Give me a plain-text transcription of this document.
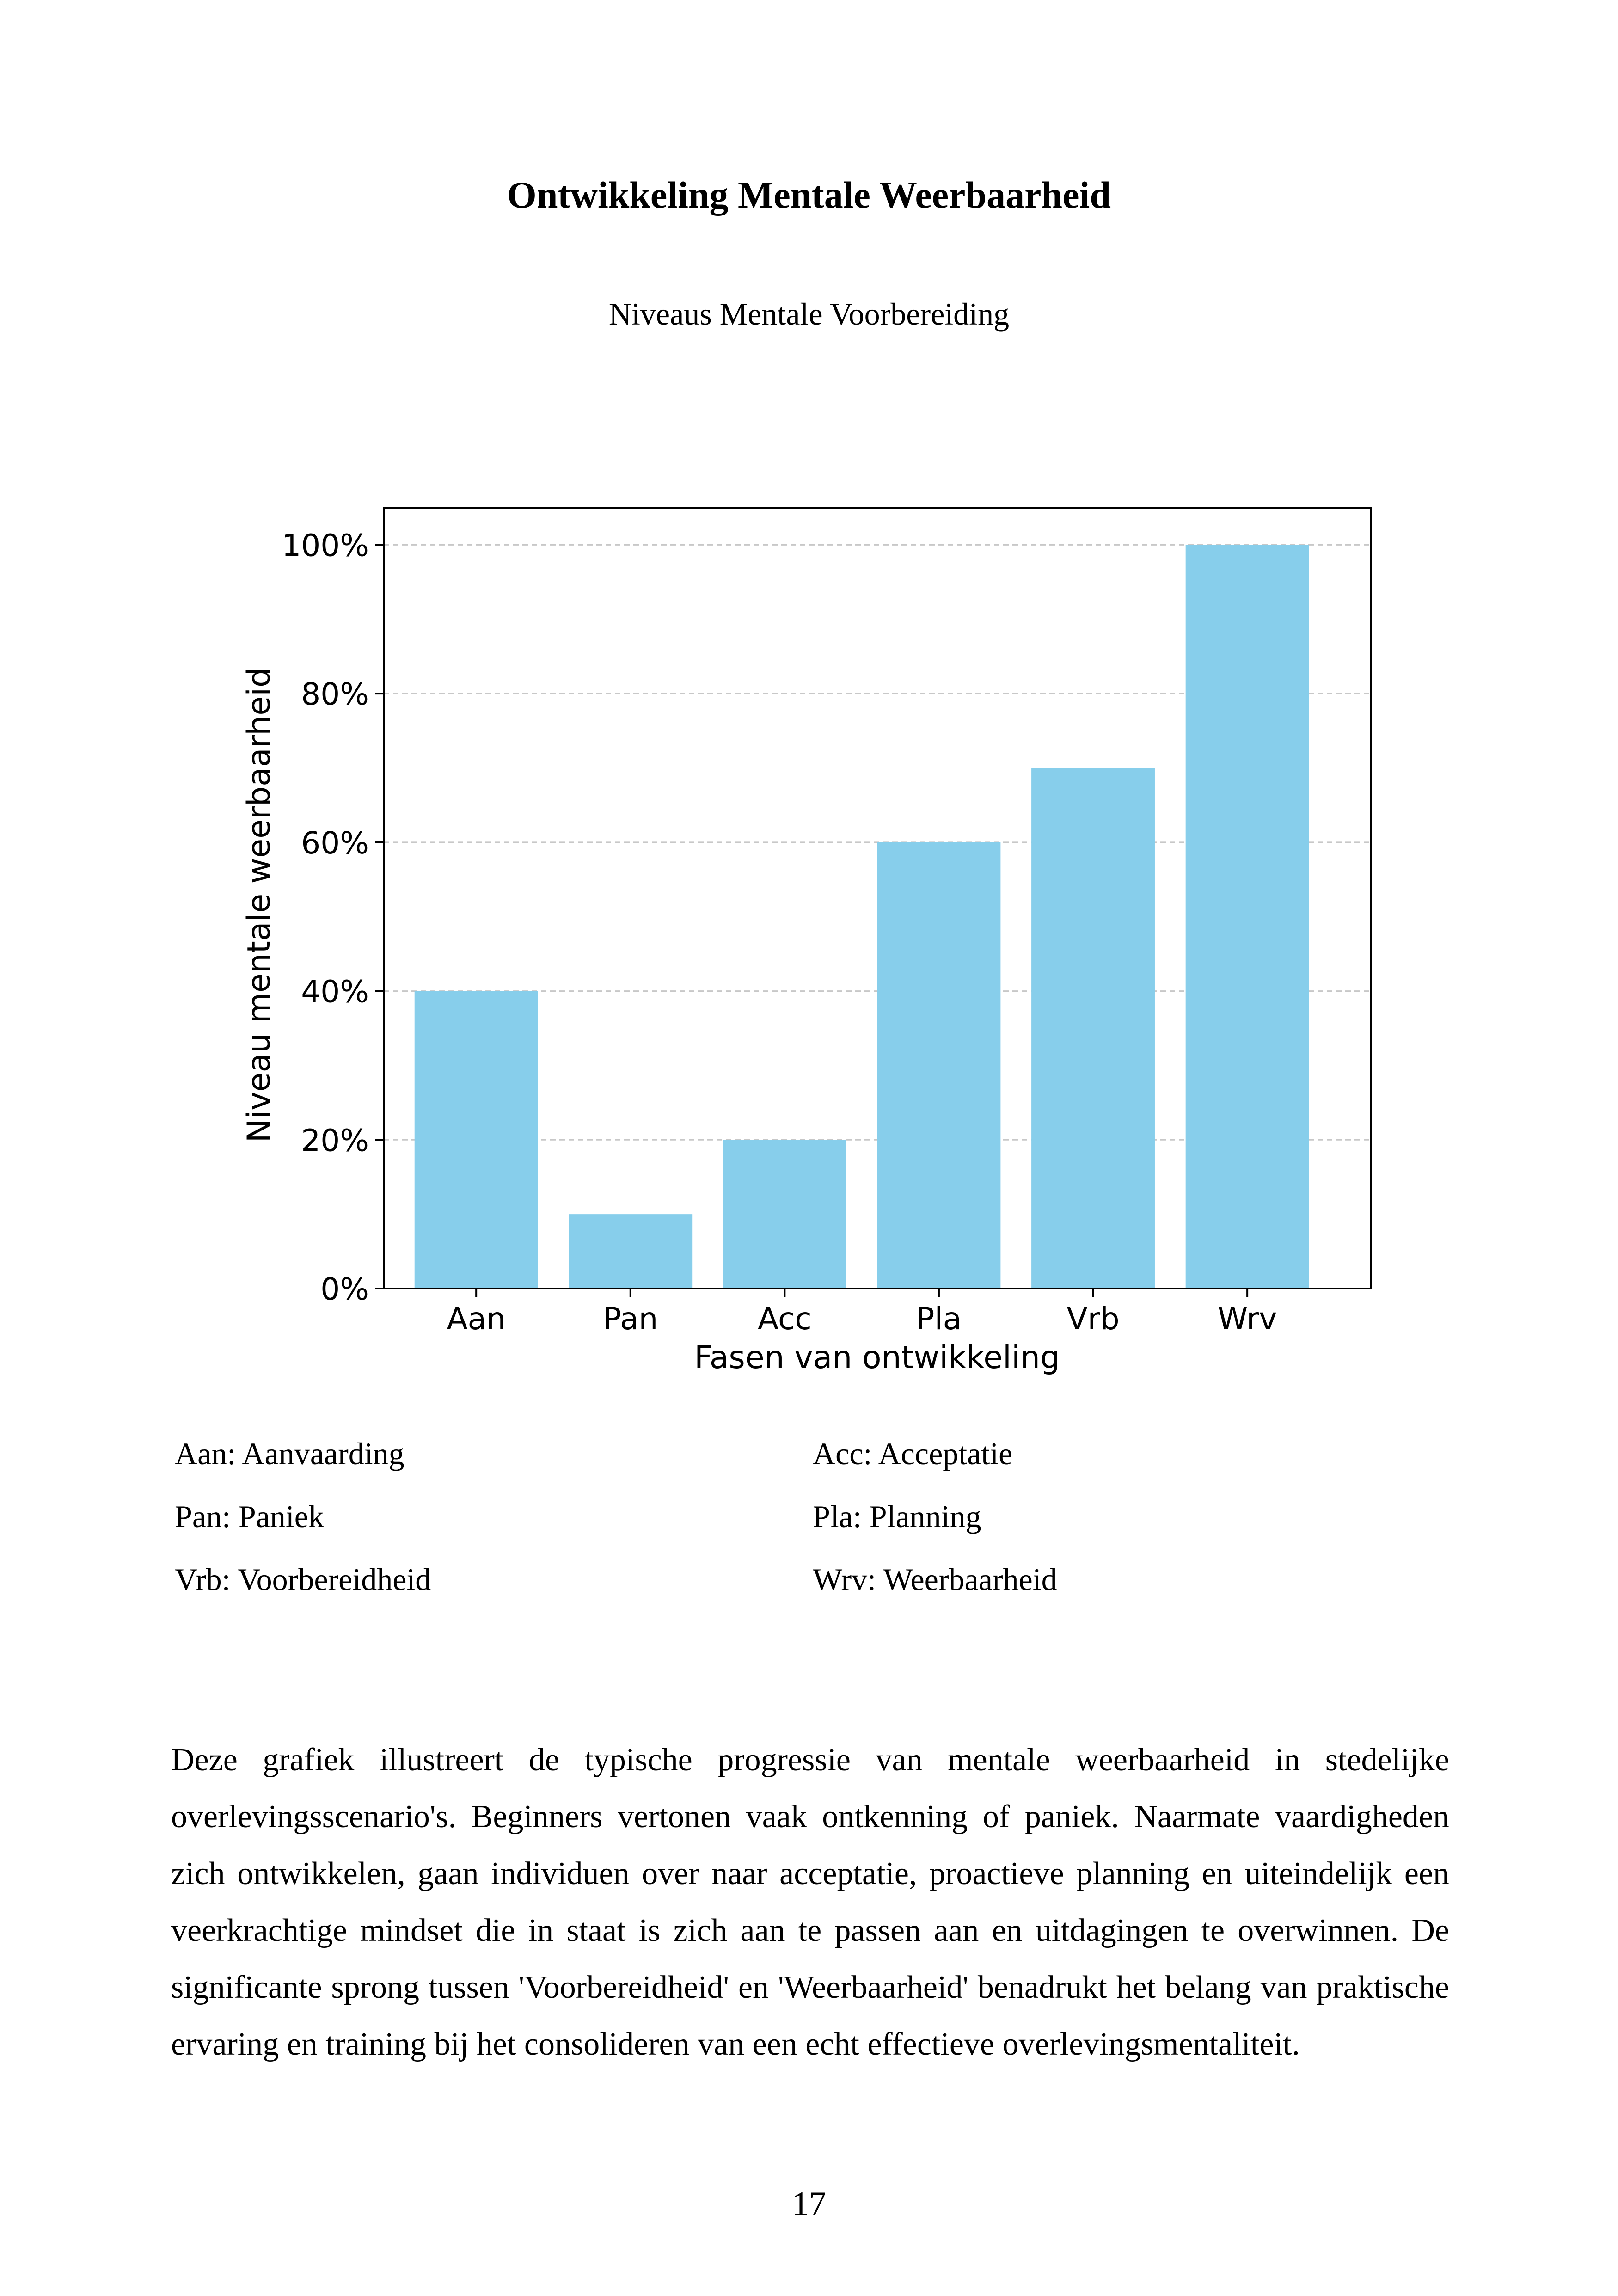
Ontwikkeling Mentale Weerbaarheid
Niveaus Mentale Voorbereiding
0%
20%
40%
60%
80%
100%
Aan	Pan	Acc	Pla	Vrb	Wrv
Fasen van ontwikkeling
Niveau mentale weerbaarheid
Aan: Aanvaarding
Pan: Paniek
Vrb: Voorbereidheid
Acc: Acceptatie
Pla: Planning
Wrv: Weerbaarheid

Deze grafiek illustreert de typische progressie van mentale weerbaarheid in stedelijke overlevingsscenario's. Beginners vertonen vaak ontkenning of paniek. Naarmate vaardigheden zich ontwikkelen, gaan individuen over naar acceptatie, proactieve planning en uiteindelijk een veerkrachtige mindset die in staat is zich aan te passen aan en uitdagingen te overwinnen. De significante sprong tussen 'Voorbereidheid' en 'Weerbaarheid' benadrukt het belang van praktische ervaring en training bij het consolideren van een echt effectieve overlevingsmentaliteit.

17
